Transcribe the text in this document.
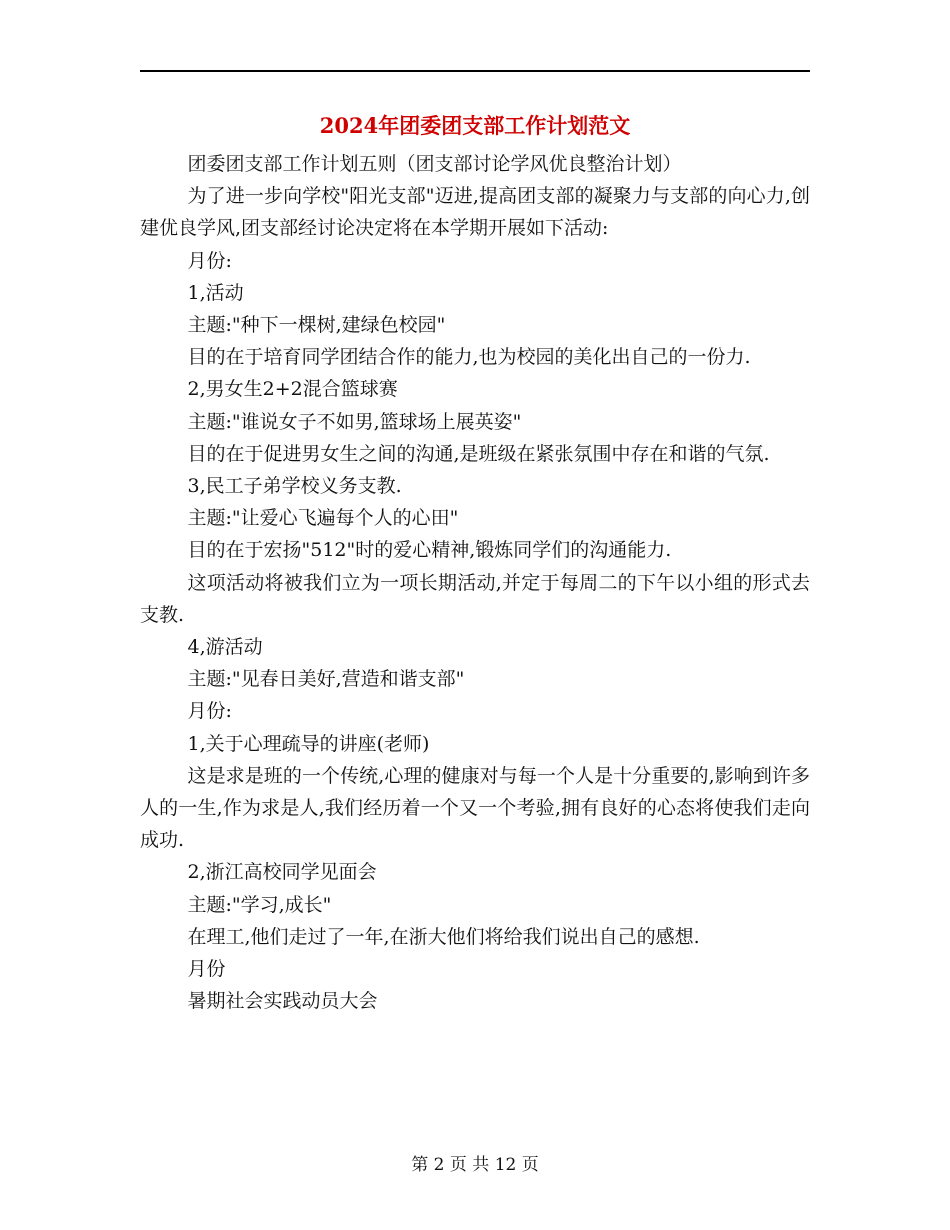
2024年团委团支部工作计划范文

团委团支部工作计划五则（团支部讨论学风优良整治计划）

为了进一步向学校"阳光支部"迈进,提高团支部的凝聚力与支部的向心力,创建优良学风,团支部经讨论决定将在本学期开展如下活动:

月份:

1,活动

主题:"种下一棵树,建绿色校园"

目的在于培育同学团结合作的能力,也为校园的美化出自己的一份力.

2,男女生2+2混合篮球赛

主题:"谁说女子不如男,篮球场上展英姿"

目的在于促进男女生之间的沟通,是班级在紧张氛围中存在和谐的气氛.

3,民工子弟学校义务支教.

主题:"让爱心飞遍每个人的心田"

目的在于宏扬"512"时的爱心精神,锻炼同学们的沟通能力.

这项活动将被我们立为一项长期活动,并定于每周二的下午以小组的形式去支教.

4,游活动

主题:"见春日美好,营造和谐支部"

月份:

1,关于心理疏导的讲座(老师)

这是求是班的一个传统,心理的健康对与每一个人是十分重要的,影响到许多人的一生,作为求是人,我们经历着一个又一个考验,拥有良好的心态将使我们走向成功.

2,浙江高校同学见面会

主题:"学习,成长"

在理工,他们走过了一年,在浙大他们将给我们说出自己的感想.

月份

暑期社会实践动员大会

第 2 页 共 12 页
